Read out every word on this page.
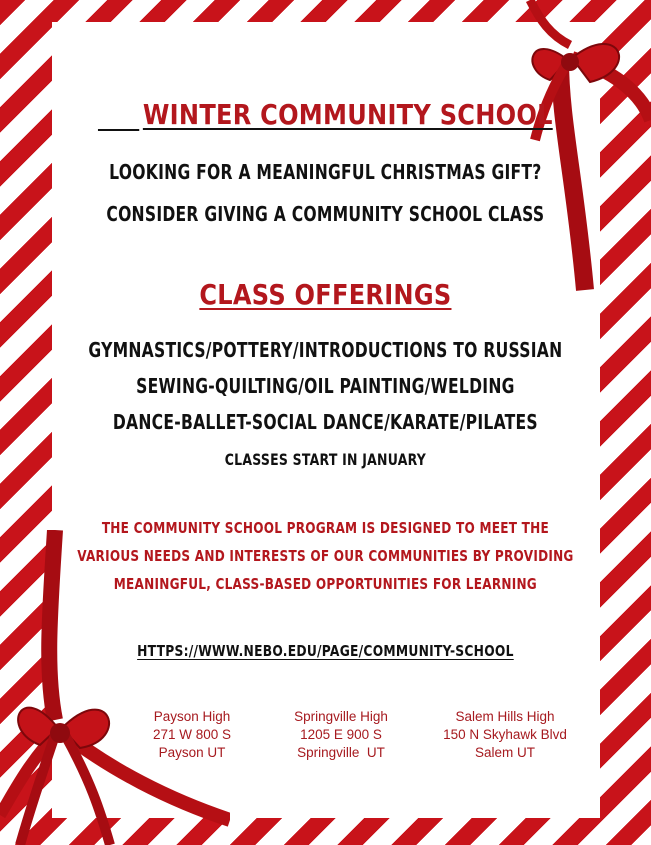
WINTER COMMUNITY SCHOOL
LOOKING FOR A MEANINGFUL CHRISTMAS GIFT?
CONSIDER GIVING A COMMUNITY SCHOOL CLASS
CLASS OFFERINGS
GYMNASTICS/POTTERY/INTRODUCTIONS TO RUSSIAN
SEWING-QUILTING/OIL PAINTING/WELDING
DANCE-BALLET-SOCIAL DANCE/KARATE/PILATES
CLASSES START IN JANUARY
THE COMMUNITY SCHOOL PROGRAM IS DESIGNED TO MEET THE
VARIOUS NEEDS AND INTERESTS OF OUR COMMUNITIES BY PROVIDING
MEANINGFUL, CLASS-BASED OPPORTUNITIES FOR LEARNING
HTTPS://WWW.NEBO.EDU/PAGE/COMMUNITY-SCHOOL
Payson High
271 W 800 S
Payson UT
Springville High
1205 E 900 S
Springville  UT
Salem Hills High
150 N Skyhawk Blvd
Salem UT
